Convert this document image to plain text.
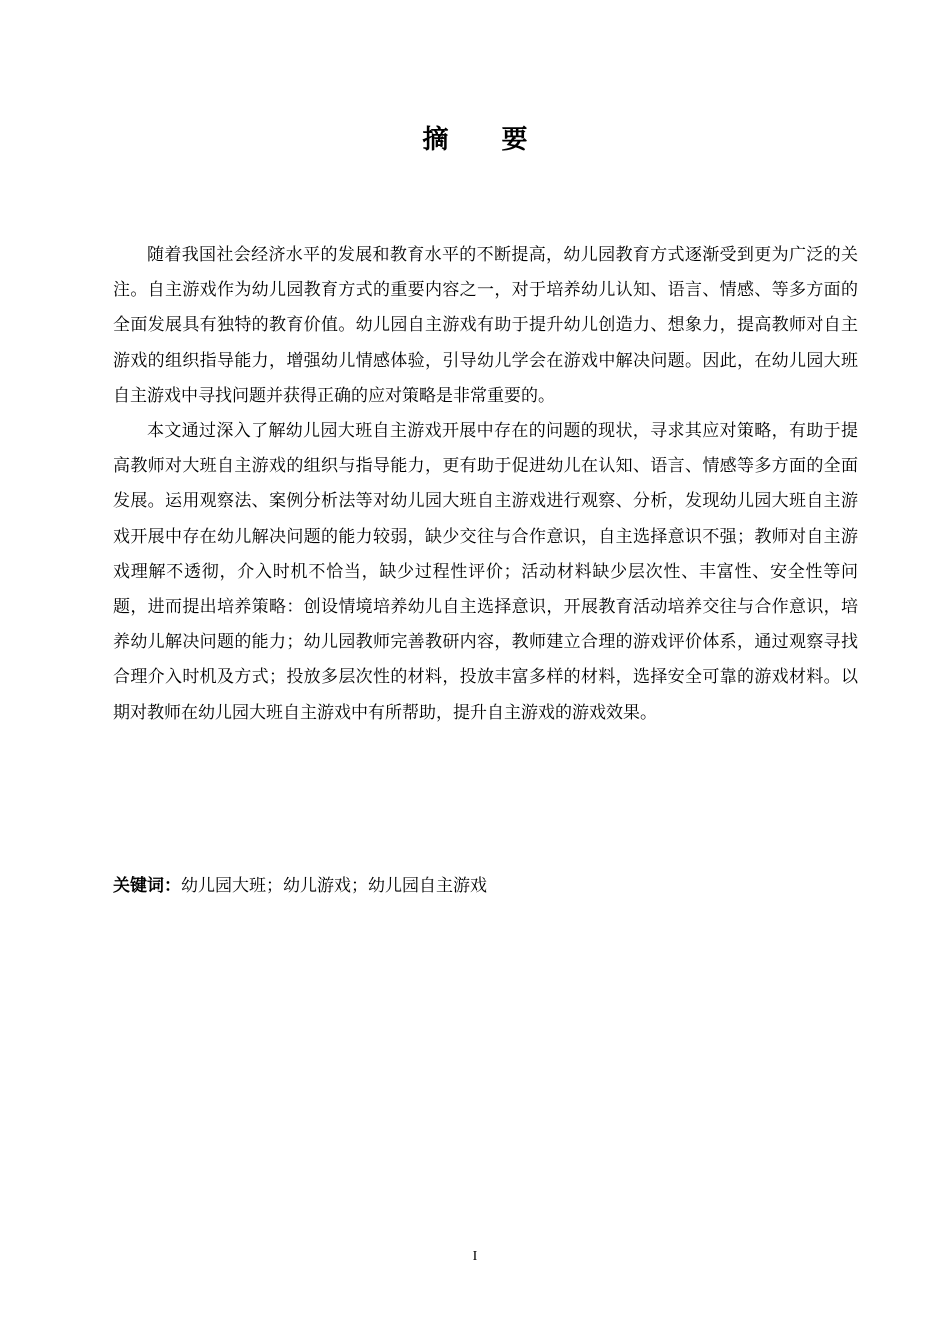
摘 要

随着我国社会经济水平的发展和教育水平的不断提高，幼儿园教育方式逐渐受到更为广泛的关注。自主游戏作为幼儿园教育方式的重要内容之一，对于培养幼儿认知、语言、情感、等多方面的全面发展具有独特的教育价值。幼儿园自主游戏有助于提升幼儿创造力、想象力，提高教师对自主游戏的组织指导能力，增强幼儿情感体验，引导幼儿学会在游戏中解决问题。因此，在幼儿园大班自主游戏中寻找问题并获得正确的应对策略是非常重要的。

本文通过深入了解幼儿园大班自主游戏开展中存在的问题的现状，寻求其应对策略，有助于提高教师对大班自主游戏的组织与指导能力，更有助于促进幼儿在认知、语言、情感等多方面的全面发展。运用观察法、案例分析法等对幼儿园大班自主游戏进行观察、分析，发现幼儿园大班自主游戏开展中存在幼儿解决问题的能力较弱，缺少交往与合作意识，自主选择意识不强；教师对自主游戏理解不透彻，介入时机不恰当，缺少过程性评价；活动材料缺少层次性、丰富性、安全性等问题，进而提出培养策略：创设情境培养幼儿自主选择意识，开展教育活动培养交往与合作意识，培养幼儿解决问题的能力；幼儿园教师完善教研内容，教师建立合理的游戏评价体系，通过观察寻找合理介入时机及方式；投放多层次性的材料，投放丰富多样的材料，选择安全可靠的游戏材料。以期对教师在幼儿园大班自主游戏中有所帮助，提升自主游戏的游戏效果。

关键词：幼儿园大班；幼儿游戏；幼儿园自主游戏
I
